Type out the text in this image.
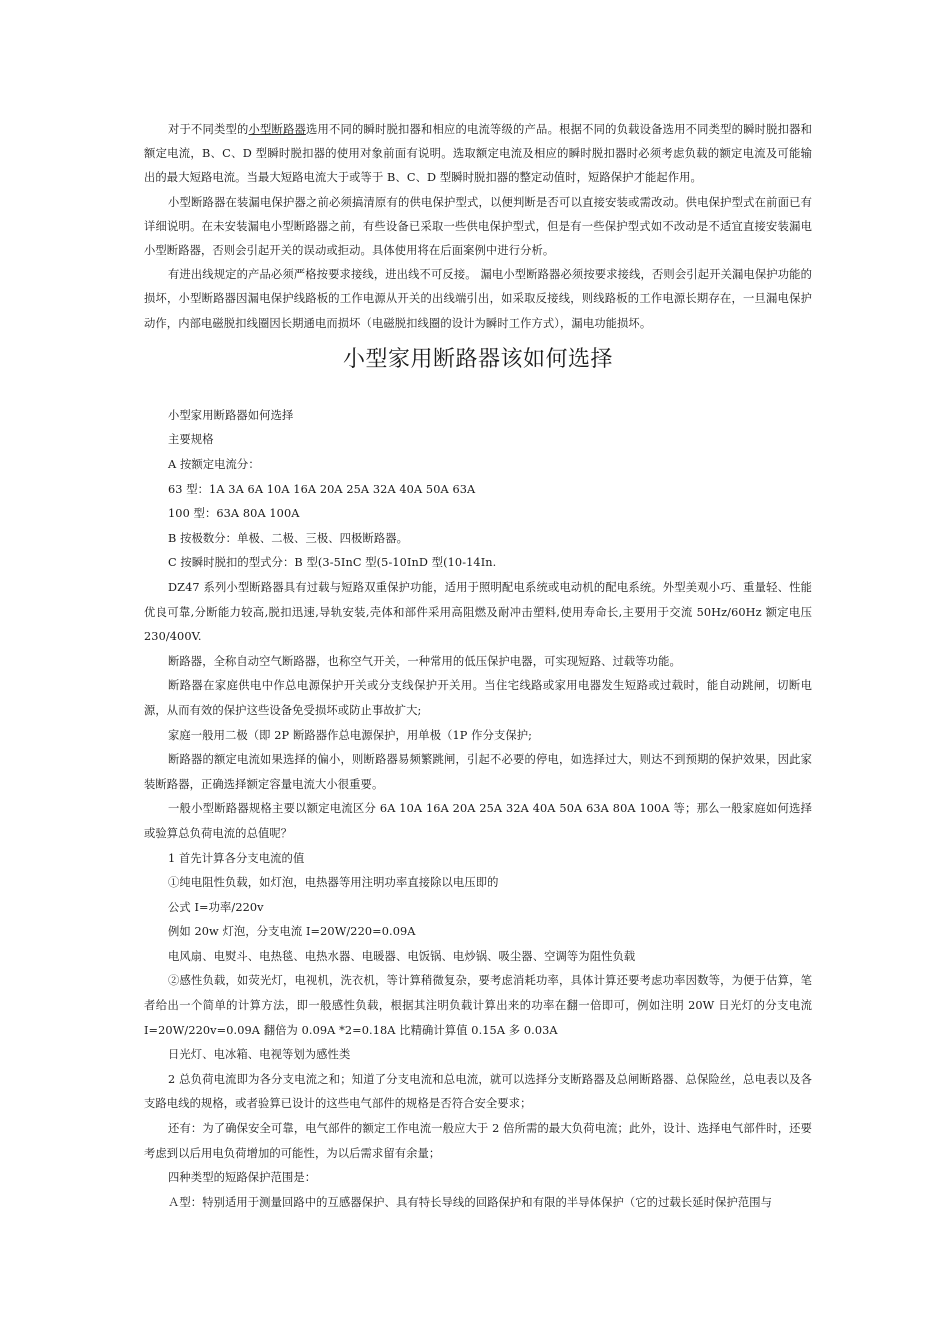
对于不同类型的小型断路器选用不同的瞬时脱扣器和相应的电流等级的产品。根据不同的负载设备选用不同类型的瞬时脱扣器和额定电流，B、C、D 型瞬时脱扣器的使用对象前面有说明。选取额定电流及相应的瞬时脱扣器时必须考虑负载的额定电流及可能输出的最大短路电流。当最大短路电流大于或等于 B、C、D 型瞬时脱扣器的整定动值时，短路保护才能起作用。

小型断路器在装漏电保护器之前必须搞清原有的供电保护型式，以便判断是否可以直接安装或需改动。供电保护型式在前面已有详细说明。在未安装漏电小型断路器之前，有些设备已采取一些供电保护型式，但是有一些保护型式如不改动是不适宜直接安装漏电小型断路器，否则会引起开关的误动或拒动。具体使用将在后面案例中进行分析。

有进出线规定的产品必须严格按要求接线，进出线不可反接。 漏电小型断路器必须按要求接线，否则会引起开关漏电保护功能的损坏，小型断路器因漏电保护线路板的工作电源从开关的出线端引出，如采取反接线，则线路板的工作电源长期存在，一旦漏电保护动作，内部电磁脱扣线圈因长期通电而损坏（电磁脱扣线圈的设计为瞬时工作方式），漏电功能损坏。

小型家用断路器该如何选择

小型家用断路器如何选择

主要规格

A 按额定电流分：

63 型：1A 3A 6A 10A 16A 20A 25A 32A 40A 50A 63A

100 型：63A 80A 100A

B 按极数分：单极、二极、三极、四极断路器。

C 按瞬时脱扣的型式分：B 型(3-5InC 型(5-10InD 型(10-14In.

DZ47 系列小型断路器具有过载与短路双重保护功能，适用于照明配电系统或电动机的配电系统。外型美观小巧、重量轻、性能优良可靠,分断能力较高,脱扣迅速,导轨安装,壳体和部件采用高阻燃及耐冲击塑料,使用寿命长,主要用于交流 50Hz/60Hz 额定电压 230/400V.

断路器，全称自动空气断路器，也称空气开关，一种常用的低压保护电器，可实现短路、过载等功能。

断路器在家庭供电中作总电源保护开关或分支线保护开关用。当住宅线路或家用电器发生短路或过载时，能自动跳闸，切断电源，从而有效的保护这些设备免受损坏或防止事故扩大;

家庭一般用二极（即 2P 断路器作总电源保护，用单极（1P 作分支保护;

断路器的额定电流如果选择的偏小，则断路器易频繁跳闸，引起不必要的停电，如选择过大，则达不到预期的保护效果，因此家装断路器，正确选择额定容量电流大小很重要。

一般小型断路器规格主要以额定电流区分 6A 10A 16A 20A 25A 32A 40A 50A 63A 80A 100A 等；那么一般家庭如何选择或验算总负荷电流的总值呢？

1 首先计算各分支电流的值

①纯电阻性负载，如灯泡，电热器等用注明功率直接除以电压即的

公式 I=功率/220v

例如 20w 灯泡，分支电流 I=20W/220=0.09A

电风扇、电熨斗、电热毯、电热水器、电暖器、电饭锅、电炒锅、吸尘器、空调等为阻性负载

②感性负载，如荧光灯，电视机，洗衣机，等计算稍微复杂，要考虑消耗功率，具体计算还要考虑功率因数等，为便于估算，笔者给出一个简单的计算方法，即一般感性负载，根据其注明负载计算出来的功率在翻一倍即可，例如注明 20W 日光灯的分支电流 I=20W/220v=0.09A 翻倍为 0.09A *2=0.18A 比精确计算值 0.15A 多 0.03A

日光灯、电冰箱、电视等划为感性类

2 总负荷电流即为各分支电流之和；知道了分支电流和总电流，就可以选择分支断路器及总闸断路器、总保险丝，总电表以及各支路电线的规格，或者验算已设计的这些电气部件的规格是否符合安全要求；

还有：为了确保安全可靠，电气部件的额定工作电流一般应大于 2 倍所需的最大负荷电流；此外，设计、选择电气部件时，还要考虑到以后用电负荷增加的可能性，为以后需求留有余量；

四种类型的短路保护范围是：

Ａ型：特别适用于测量回路中的互感器保护、具有特长导线的回路保护和有限的半导体保护（它的过载长延时保护范围与
